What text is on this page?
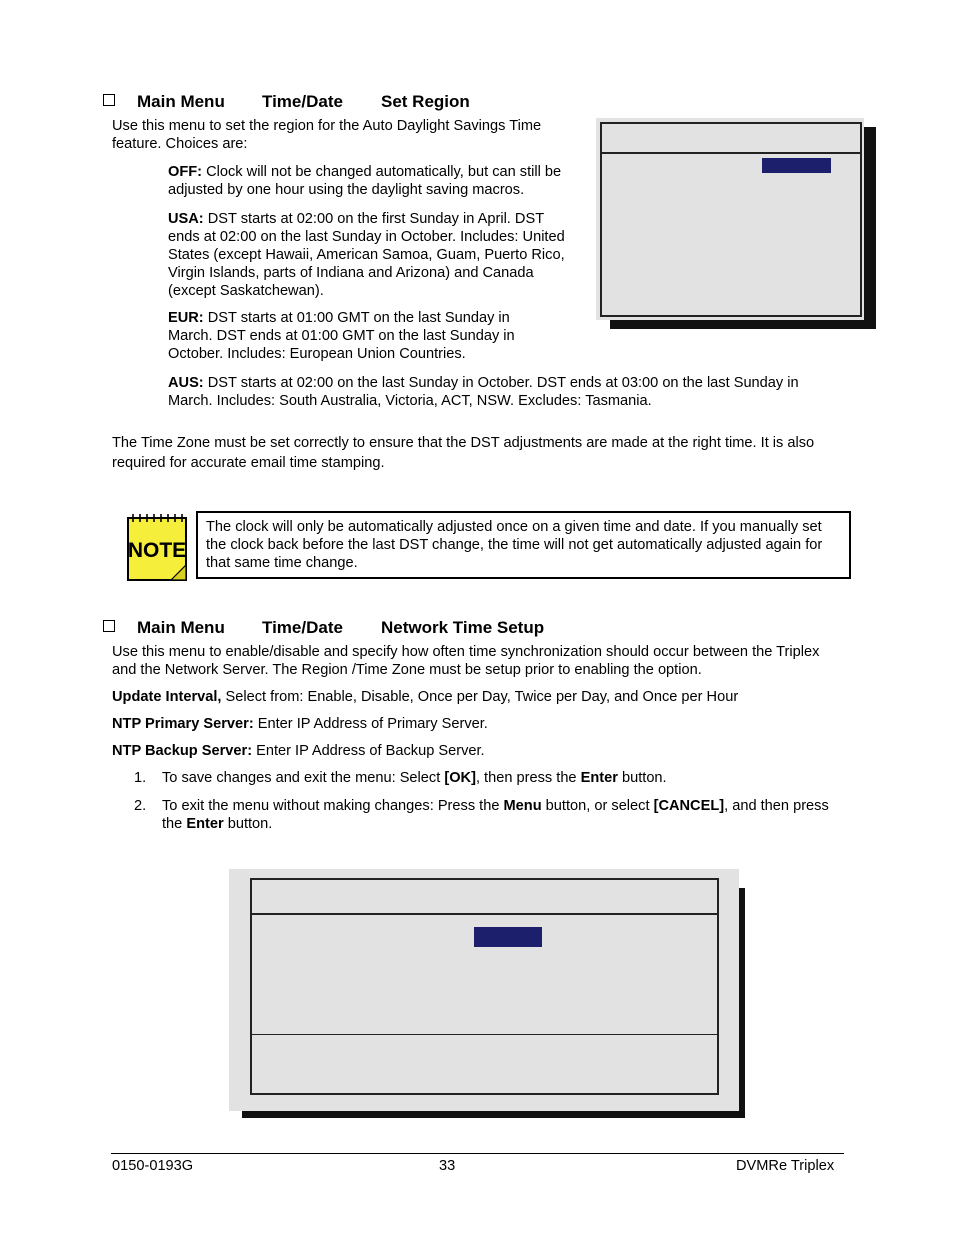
Main Menu Time/Date Set Region

Use this menu to set the region for the Auto Daylight Savings Time feature. Choices are:

OFF: Clock will not be changed automatically, but can still be adjusted by one hour using the daylight saving macros.

USA: DST starts at 02:00 on the first Sunday in April. DST ends at 02:00 on the last Sunday in October. Includes: United States (except Hawaii, American Samoa, Guam, Puerto Rico, Virgin Islands, parts of Indiana and Arizona) and Canada (except Saskatchewan).

EUR: DST starts at 01:00 GMT on the last Sunday in March. DST ends at 01:00 GMT on the last Sunday in October. Includes: European Union Countries.

AUS: DST starts at 02:00 on the last Sunday in October. DST ends at 03:00 on the last Sunday in March. Includes: South Australia, Victoria, ACT, NSW. Excludes: Tasmania.

The Time Zone must be set correctly to ensure that the DST adjustments are made at the right time. It is also required for accurate email time stamping.

NOTE
The clock will only be automatically adjusted once on a given time and date. If you manually set the clock back before the last DST change, the time will not get automatically adjusted again for that same time change.
Main Menu Time/Date Network Time Setup

Use this menu to enable/disable and specify how often time synchronization should occur between the Triplex and the Network Server. The Region /Time Zone must be setup prior to enabling the option.

Update Interval, Select from: Enable, Disable, Once per Day, Twice per Day, and Once per Hour

NTP Primary Server: Enter IP Address of Primary Server.

NTP Backup Server: Enter IP Address of Backup Server.

1. To save changes and exit the menu: Select [OK], then press the Enter button.

2. To exit the menu without making changes: Press the Menu button, or select [CANCEL], and then press the Enter button.

0150-0193G	33	DVMRe Triplex
